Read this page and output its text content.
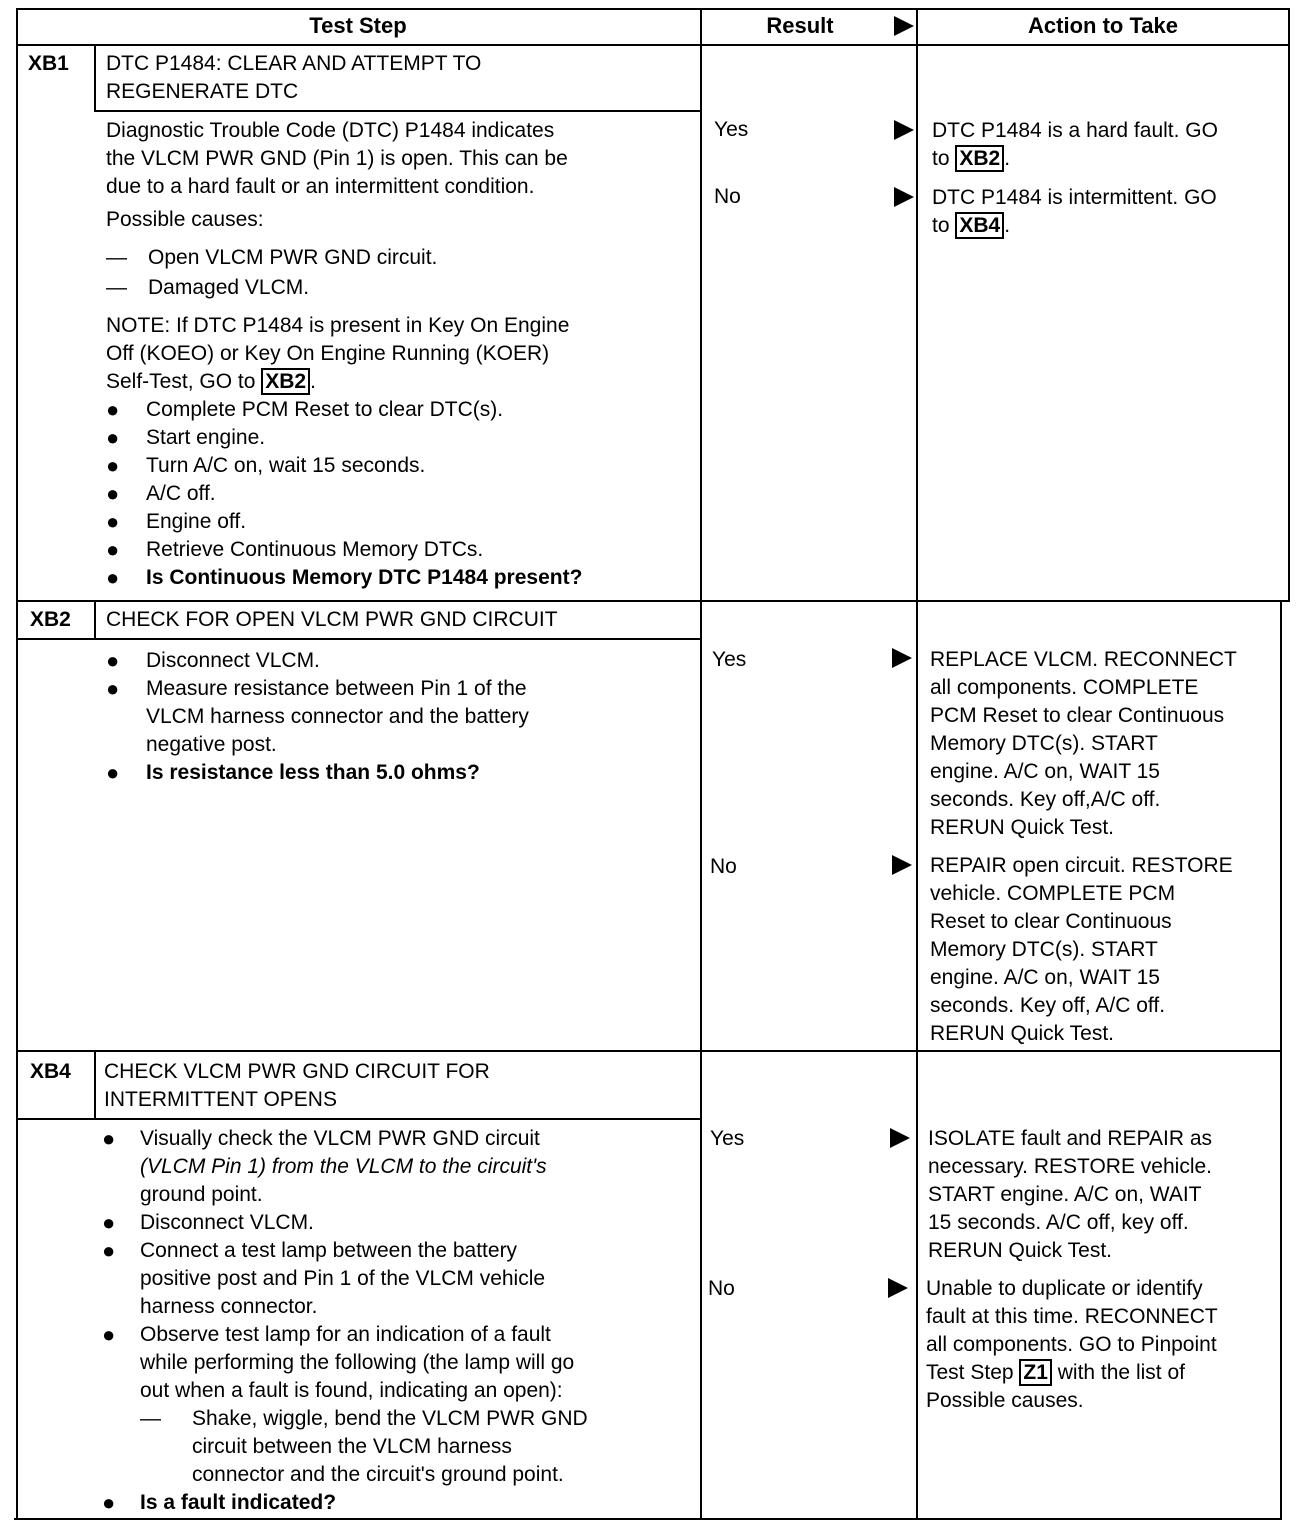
Test Step	Result	Action to Take
XB1 DTC P1484: CLEAR AND ATTEMPT TO
REGENERATE DTC
Diagnostic Trouble Code (DTC) P1484 indicates
the VLCM PWR GND (Pin 1) is open. This can be
due to a hard fault or an intermittent condition.
Possible causes:
— Open VLCM PWR GND circuit.
— Damaged VLCM.
NOTE: If DTC P1484 is present in Key On Engine
Off (KOEO) or Key On Engine Running (KOER)
Self-Test, GO to XB2 .
● Complete PCM Reset to clear DTC(s).
● Start engine.
● Turn A/C on, wait 15 seconds.
● A/C off.
● Engine off.
● Retrieve Continuous Memory DTCs.
● Is Continuous Memory DTC P1484 present?
Yes	DTC P1484 is a hard fault. GO
to XB2 .
No	DTC P1484 is intermittent. GO
to XB4 .
XB2 CHECK FOR OPEN VLCM PWR GND CIRCUIT
● Disconnect VLCM.
● Measure resistance between Pin 1 of the
VLCM harness connector and the battery
negative post.
● Is resistance less than 5.0 ohms?
Yes	REPLACE VLCM. RECONNECT
all components. COMPLETE
PCM Reset to clear Continuous
Memory DTC(s). START
engine. A/C on, WAIT 15
seconds. Key off,A/C off.
RERUN Quick Test.
No	REPAIR open circuit. RESTORE
vehicle. COMPLETE PCM
Reset to clear Continuous
Memory DTC(s). START
engine. A/C on, WAIT 15
seconds. Key off, A/C off.
RERUN Quick Test.
XB4 CHECK VLCM PWR GND CIRCUIT FOR
INTERMITTENT OPENS
● Visually check the VLCM PWR GND circuit
(VLCM Pin 1) from the VLCM to the circuit's
ground point.
● Disconnect VLCM.
● Connect a test lamp between the battery
positive post and Pin 1 of the VLCM vehicle
harness connector.
● Observe test lamp for an indication of a fault
while performing the following (the lamp will go
out when a fault is found, indicating an open):
— Shake, wiggle, bend the VLCM PWR GND
circuit between the VLCM harness
connector and the circuit's ground point.
● Is a fault indicated?
Yes	ISOLATE fault and REPAIR as
necessary. RESTORE vehicle.
START engine. A/C on, WAIT
15 seconds. A/C off, key off.
RERUN Quick Test.
No	Unable to duplicate or identify
fault at this time. RECONNECT
all components. GO to Pinpoint
Test Step Z1 with the list of
Possible causes.
